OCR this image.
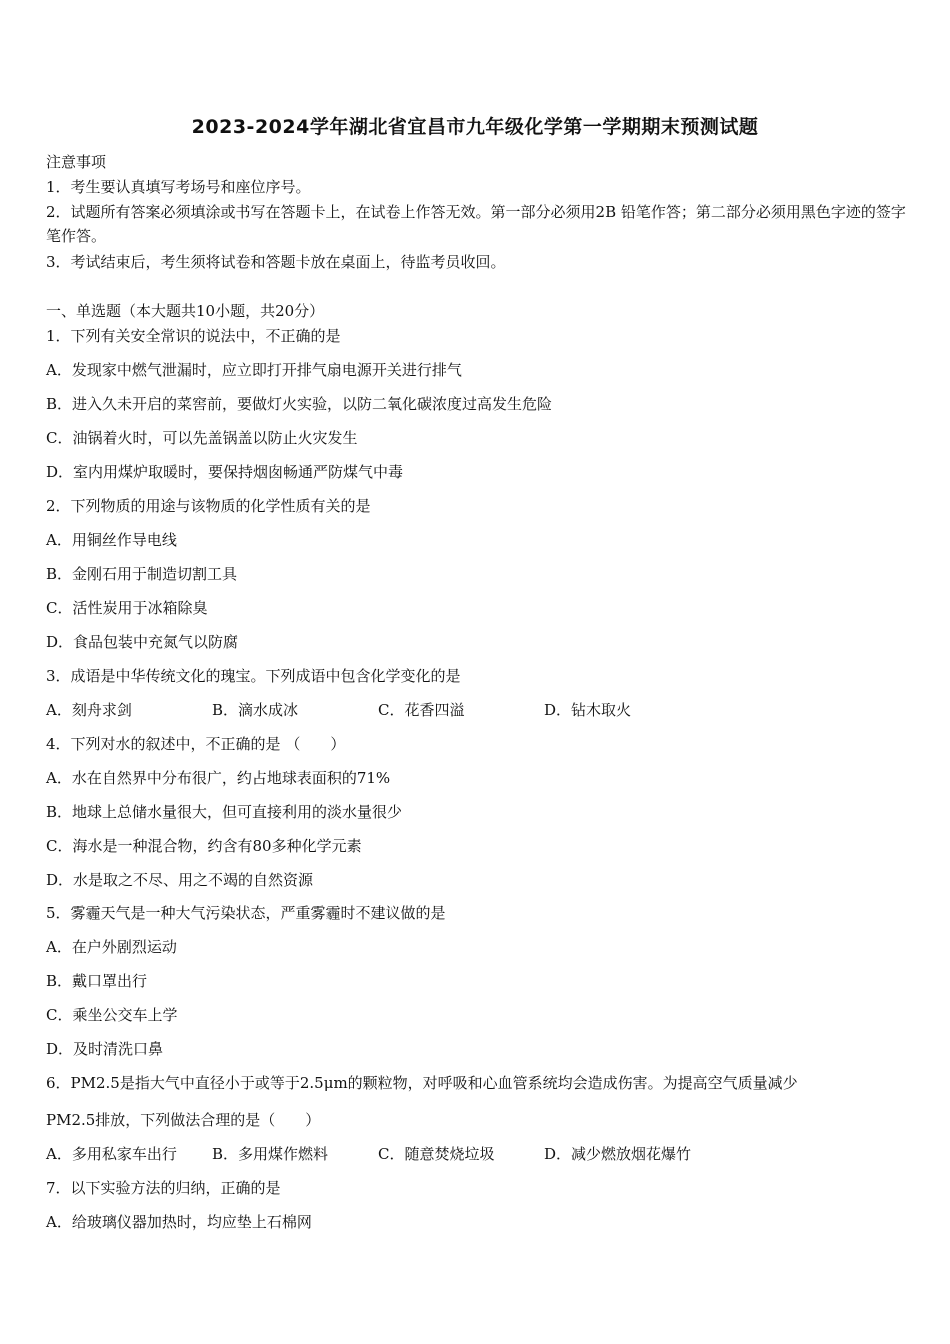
2023-2024学年湖北省宜昌市九年级化学第一学期期末预测试题
注意事项
1．考生要认真填写考场号和座位序号。
2．试题所有答案必须填涂或书写在答题卡上，在试卷上作答无效。第一部分必须用2B 铅笔作答；第二部分必须用黑色字迹的签字笔作答。
3．考试结束后，考生须将试卷和答题卡放在桌面上，待监考员收回。
一、单选题（本大题共10小题，共20分）
1．下列有关安全常识的说法中，不正确的是
A．发现家中燃气泄漏时，应立即打开排气扇电源开关进行排气
B．进入久未开启的菜窖前，要做灯火实验，以防二氧化碳浓度过高发生危险
C．油锅着火时，可以先盖锅盖以防止火灾发生
D．室内用煤炉取暖时，要保持烟囱畅通严防煤气中毒
2．下列物质的用途与该物质的化学性质有关的是
A．用铜丝作导电线
B．金刚石用于制造切割工具
C．活性炭用于冰箱除臭
D．食品包装中充氮气以防腐
3．成语是中华传统文化的瑰宝。下列成语中包含化学变化的是
A．刻舟求剑	B．滴水成冰	C．花香四溢	D．钻木取火
4．下列对水的叙述中，不正确的是 （　　）
A．水在自然界中分布很广，约占地球表面积的71%
B．地球上总储水量很大，但可直接利用的淡水量很少
C．海水是一种混合物，约含有80多种化学元素
D．水是取之不尽、用之不竭的自然资源
5．雾霾天气是一种大气污染状态，严重雾霾时不建议做的是
A．在户外剧烈运动
B．戴口罩出行
C．乘坐公交车上学
D．及时清洗口鼻
6．PM2.5是指大气中直径小于或等于2.5μm的颗粒物，对呼吸和心血管系统均会造成伤害。为提高空气质量减少
PM2.5排放，下列做法合理的是（　　）
A．多用私家车出行 B．多用煤作燃料	C．随意焚烧垃圾	D．减少燃放烟花爆竹
7．以下实验方法的归纳，正确的是
A．给玻璃仪器加热时，均应垫上石棉网
